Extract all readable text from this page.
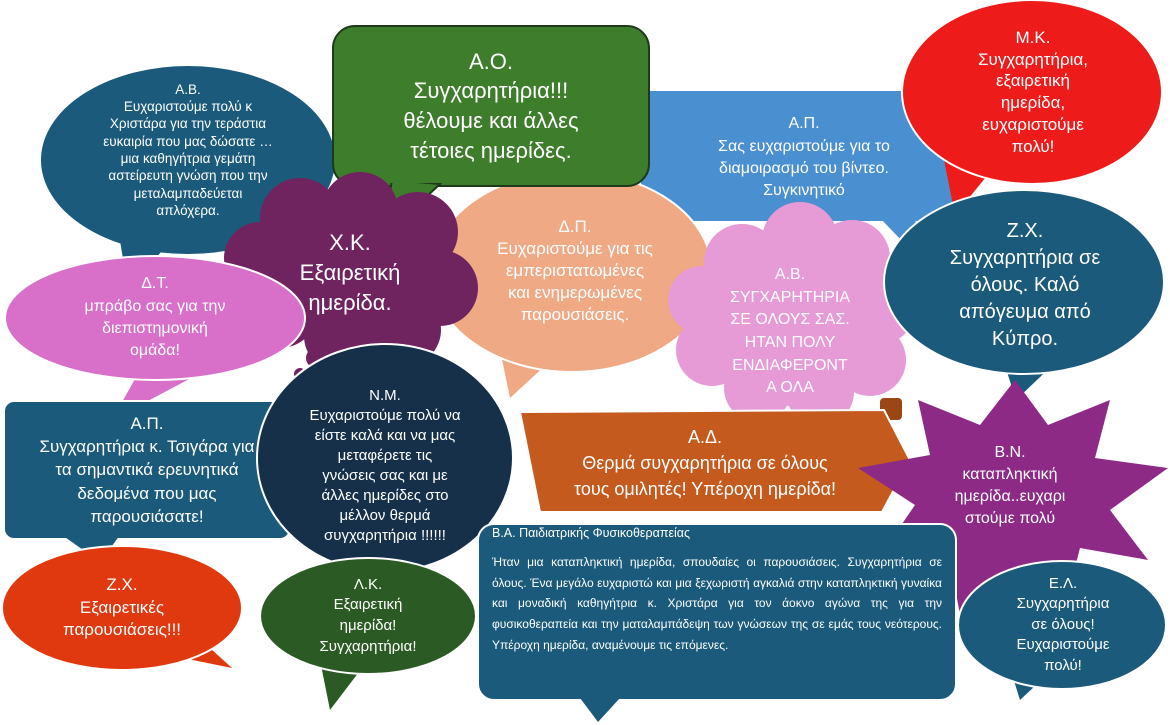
Α.Β.
Ευχαριστούμε πολύ κ
Χριστάρα για την τεράστια
ευκαιρία που μας δώσατε …
μια καθηγήτρια γεμάτη
αστείρευτη γνώση που την
μεταλαμπαδεύεται
απλόχερα.
Α.Ο.
Συγχαρητήρια!!!
θέλουμε και άλλες
τέτοιες ημερίδες.
Α.Π.
Σας ευχαριστούμε για το
διαμοιρασμό του βίντεο.
Συγκινητικό
Μ.Κ.
Συγχαρητήρια,
εξαιρετική
ημερίδα,
ευχαριστούμε
πολύ!
Χ.Κ.
Εξαιρετική
ημερίδα.
Δ.Π.
Ευχαριστούμε για τις
εμπεριστατωμένες
και ενημερωμένες
παρουσιάσεις.
Α.Β.
ΣΥΓΧΑΡΗΤΗΡΙΑ
ΣΕ ΟΛΟΥΣ ΣΑΣ.
ΗΤΑΝ ΠΟΛΥ
ΕΝΔΙΑΦΕΡΟΝΤ
Α ΟΛΑ
Ζ.Χ.
Συγχαρητήρια σε
όλους. Καλό
απόγευμα από
Κύπρο.
Δ.Τ.
μπράβο σας για την
διεπιστημονική
ομάδα!
Ν.Μ.
Ευχαριστούμε πολύ να
είστε καλά και να μας
μεταφέρετε τις
γνώσεις σας και με
άλλες ημερίδες στο
μέλλον θερμά
συγχαρητήρια !!!!!!
Α.Π.
Συγχαρητήρια κ. Τσιγάρα για
τα σημαντικά ερευνητικά
δεδομένα που μας
παρουσιάσατε!
Α.Δ.
Θερμά συγχαρητήρια σε όλους
τους ομιλητές! Υπέροχη ημερίδα!
Β.Ν.
καταπληκτική
ημερίδα..ευχαρι
στούμε πολύ
Ζ.Χ.
Εξαιρετικές
παρουσιάσεις!!!
Λ.Κ.
Εξαιρετική
ημερίδα!
Συγχαρητήρια!
Β.Α. Παιδιατρικής Φυσικοθεραπείας
Ήταν μια καταπληκτική ημερίδα, σπουδαίες οι παρουσιάσεις. Συγχαρητήρια σε όλους. Ένα μεγάλο ευχαριστώ και μια ξεχωριστή αγκαλιά στην καταπληκτική γυναίκα και μοναδική καθηγήτρια κ. Χριστάρα για τον άοκνο αγώνα της για την φυσικοθεραπεία και την ματαλαμπάδεψη των γνώσεων της σε εμάς τους νεότερους. Υπέροχη ημερίδα, αναμένουμε τις επόμενες.
Ε.Λ.
Συγχαρητήρια
σε όλους!
Ευχαριστούμε
πολύ!
